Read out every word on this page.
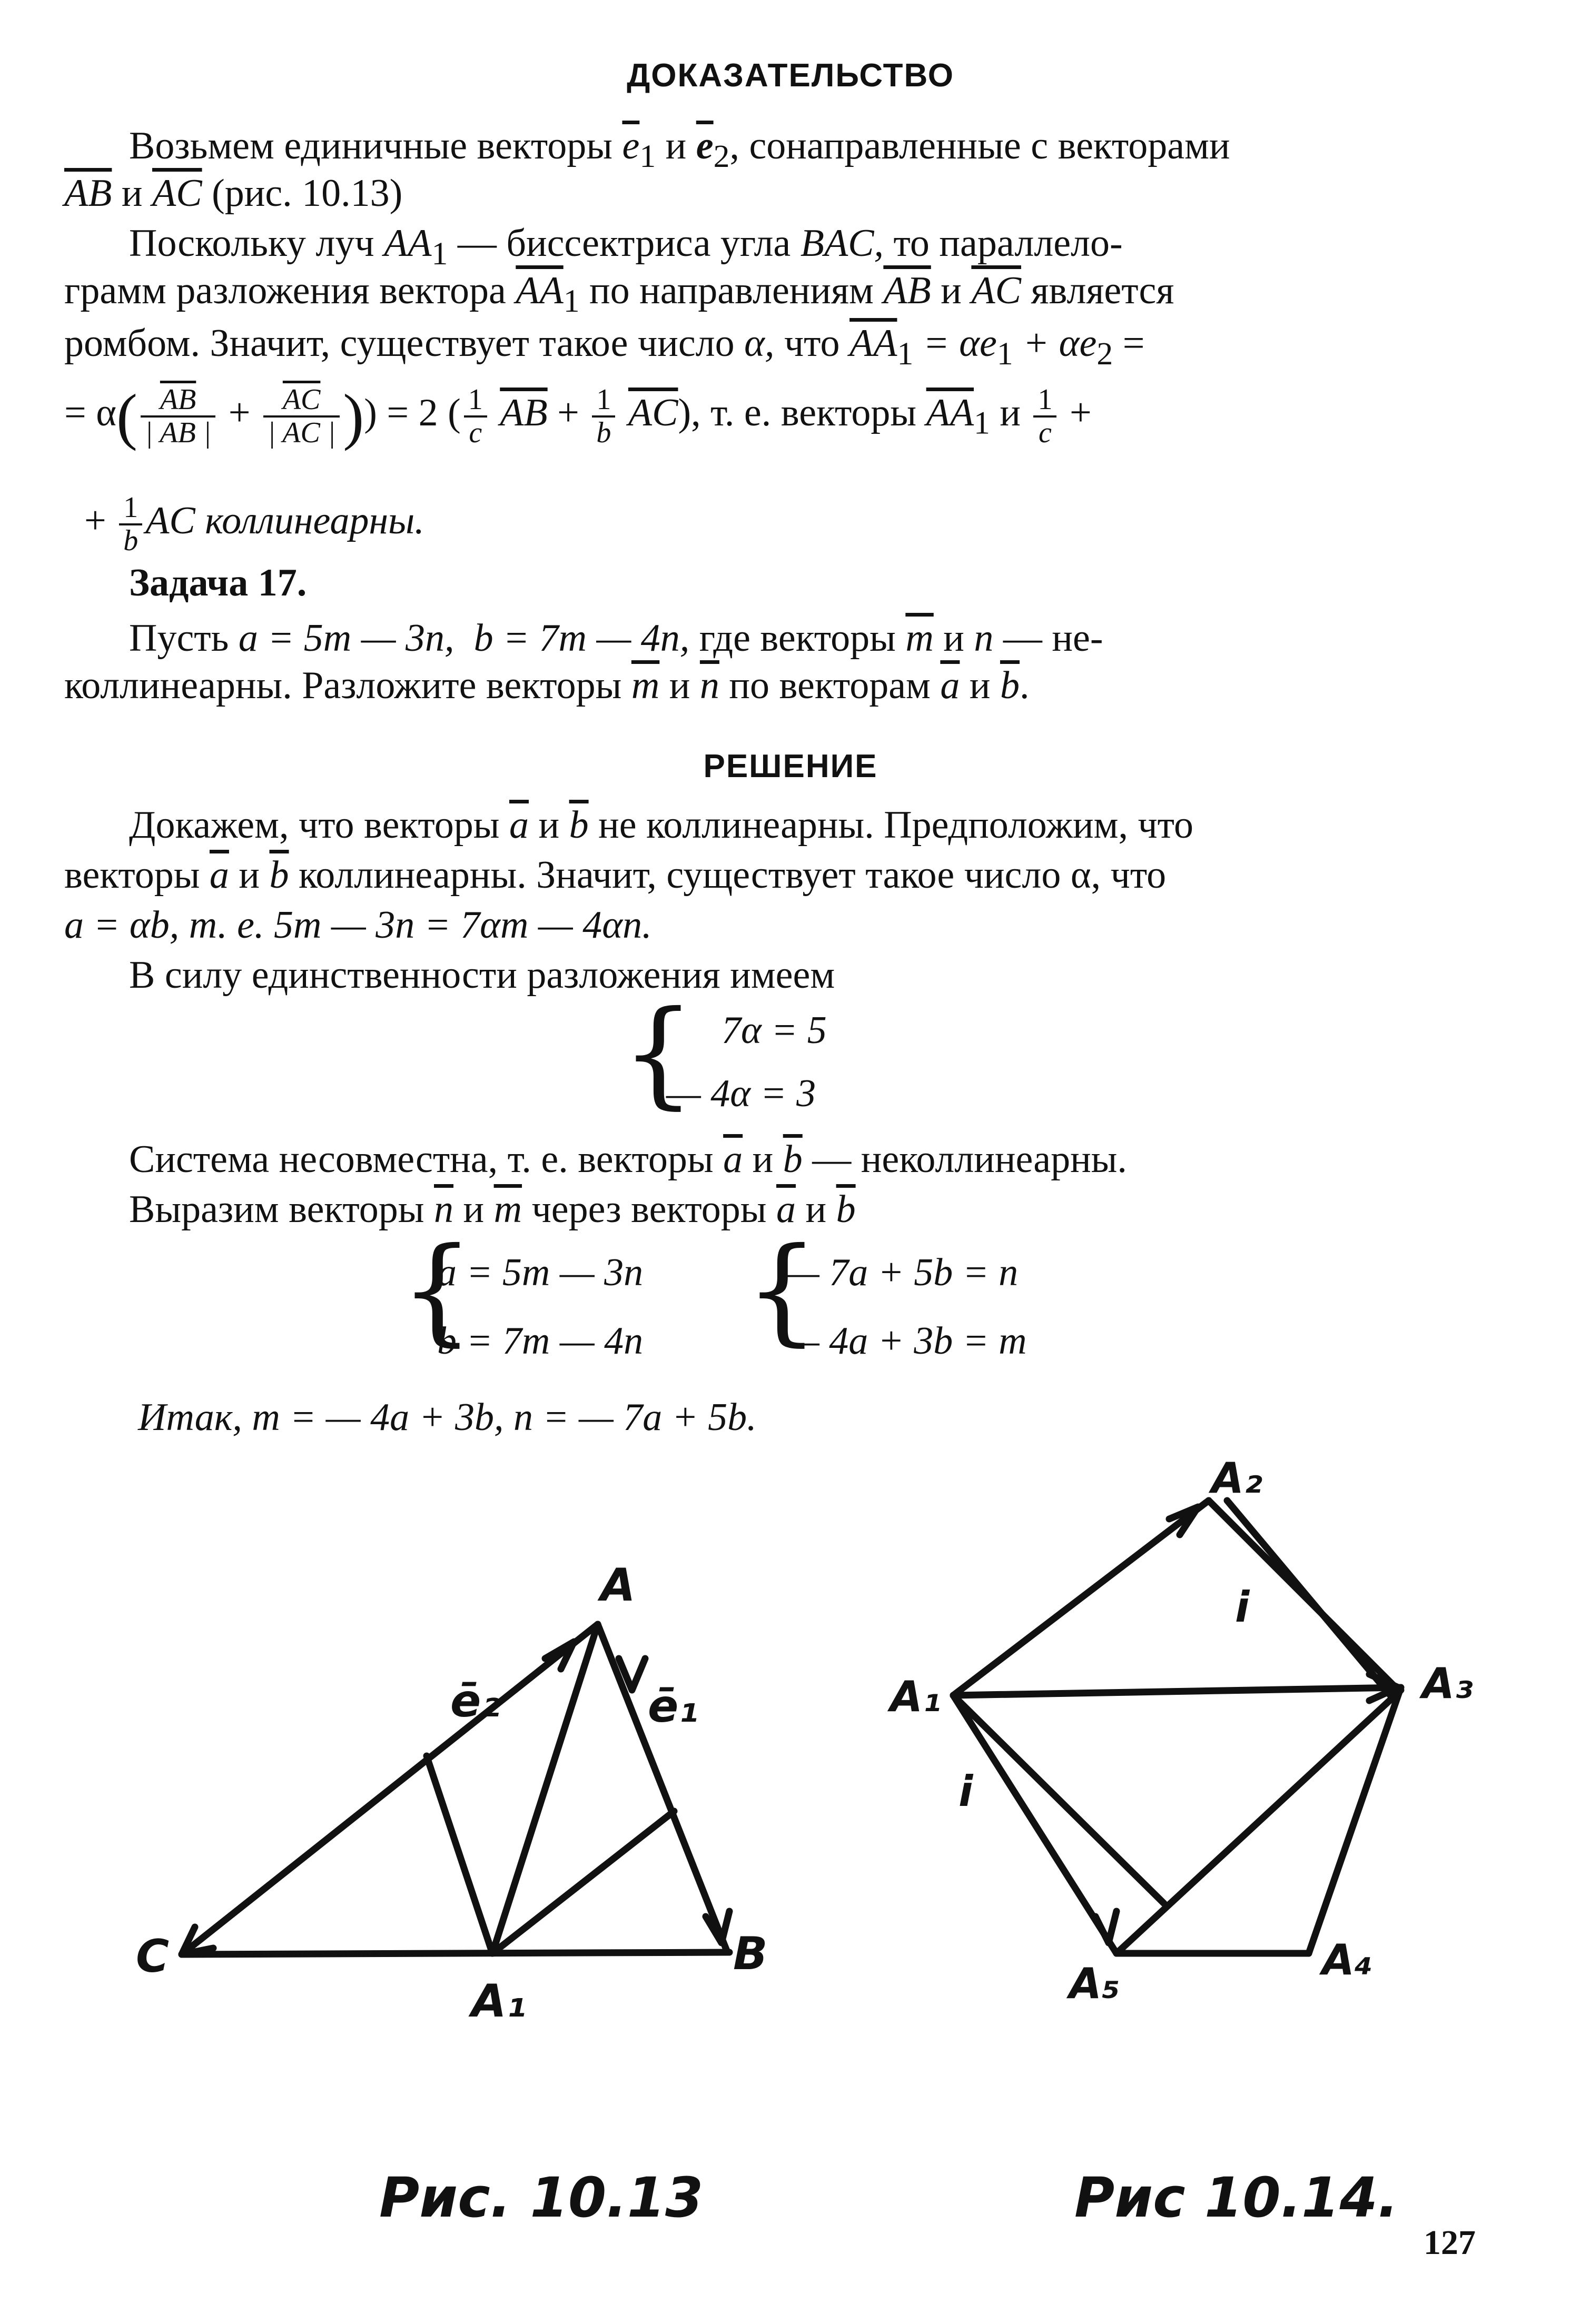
ДОКАЗАТЕЛЬСТВО
Возьмем единичные векторы $\overline{e}_1$ и $\overline{e}_2$, сонаправленные с векторами
$\overline{AB}$ и $\overline{AC}$ (рис. 10.13)
Поскольку луч $AA_1$ — биссектриса угла BAC, то параллело-
грамм разложения вектора $\overline{AA}_1$ по направлениям $\overline{AB}$ и $\overline{AC}$ является
ромбом. Значит, существует такое число α, что $\overline{AA}_1 = \alpha e_1 + \alpha e_2$ =
= $\alpha( \frac{\overline{AB}}{| AB |} + \frac{\overline{AC}}{| AC |}$ )) = 2 ( $\frac{1}{c} \overline{AB} + \frac{1}{b} \overline{AC}$), т. е. векторы $\overline{AA}_1$ и $\frac{1}{c}$ +
+ $\frac{1}{b}$ AC коллинеарны.
Задача 17.
Пусть a = 5m — 3n, b = 7m — 4n, где векторы $\overline{m}$ и n — не-
коллинеарны. Разложите векторы $\overline{m}$ и $\overline{n}$ по векторам $\overline{a}$ и $\overline{b}$.
РЕШЕНИЕ
Докажем, что векторы $\overline{a}$ и $\overline{b}$ не коллинеарны. Предположим, что
векторы $\overline{a}$ и $\overline{b}$ коллинеарны. Значит, существует такое число α, что
a = αb, т. е. 5m — 3n = 7αm — 4αn.
В силу единственности разложения имеем
{ 7α = 5
— 4α = 3
Система несовместна, т. е. векторы $\overline{a}$ и $\overline{b}$ — неколлинеарны.
Выразим векторы $\overline{n}$ и $\overline{m}$ через векторы $\overline{a}$ и $\overline{b}$
{
a = 5m — 3n
b = 7m — 4n {
— 7a + 5b = n
— 4a + 3b = m
Итак, m = — 4a + 3b, n = — 7a + 5b.
A
ē₂	ē₁
C	B
A₁
Рис. 10.13
A₂
A₁	A₃
A₄
A₅
i
i
Рис 10.14.
127
